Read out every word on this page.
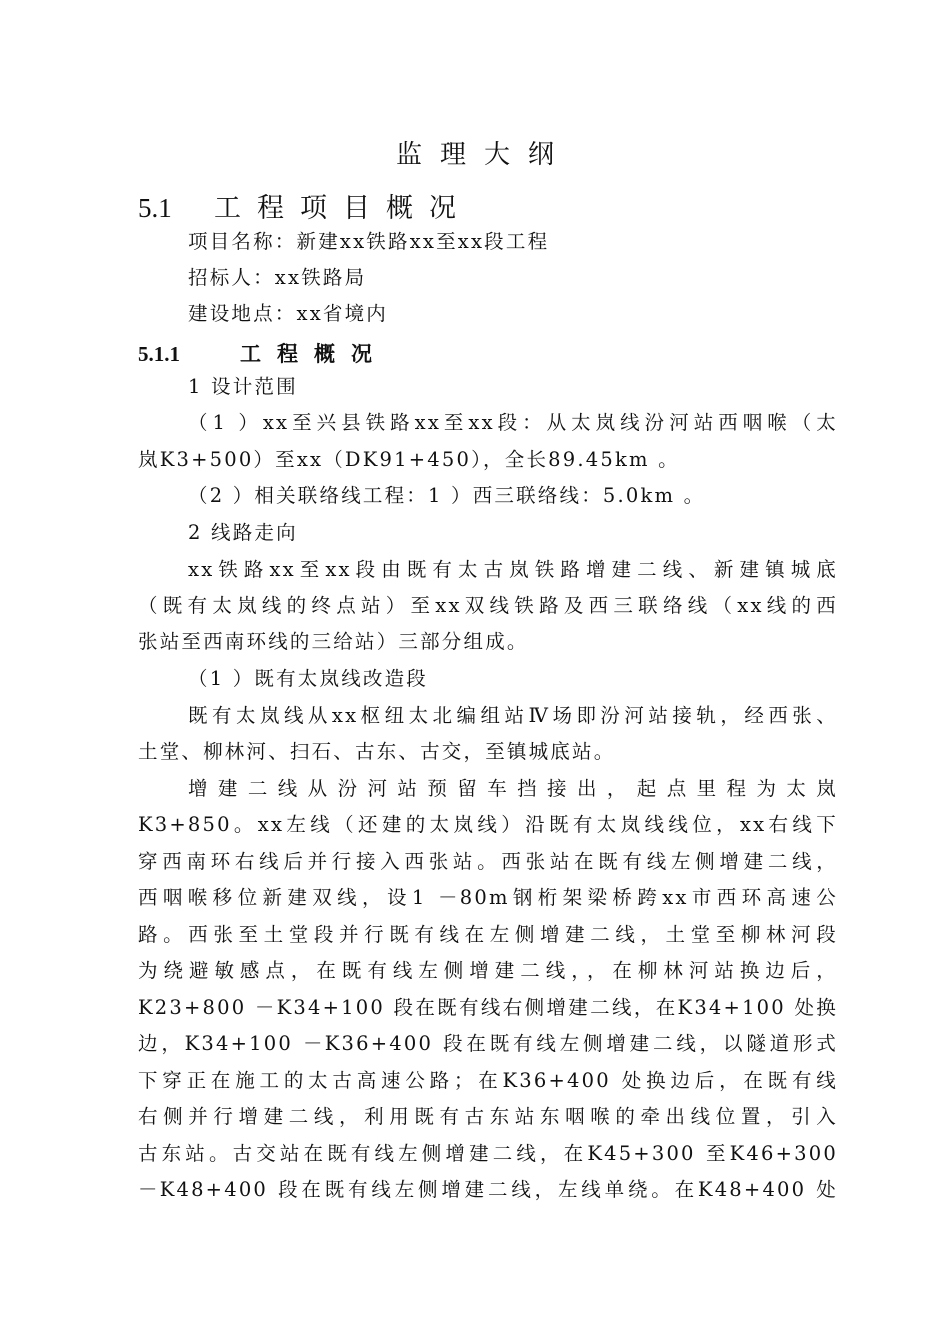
监理大纲
5.1 工程项目概况
项目名称：新建xx铁路xx至xx段工程
招标人：xx铁路局
建设地点：xx省境内
5.1.1	工程概况
1 设计范围
（1 ）xx至兴县铁路xx至xx段：从太岚线汾河站西咽喉（太
岚K3+500）至xx（DK91+450），全长89.45km 。
（2 ）相关联络线工程：1 ）西三联络线：5.0km 。
2 线路走向
xx铁路xx至xx段由既有太古岚铁路增建二线、新建镇城底
（既有太岚线的终点站）至xx双线铁路及西三联络线（xx线的西
张站至西南环线的三给站）三部分组成。
（1 ）既有太岚线改造段
既有太岚线从xx枢纽太北编组站Ⅳ场即汾河站接轨，经西张、
土堂、柳林河、扫石、古东、古交，至镇城底站。
增建二线从汾河站预留车挡接出，起点里程为太岚
K3+850。xx左线（还建的太岚线）沿既有太岚线线位，xx右线下
穿西南环右线后并行接入西张站。西张站在既有线左侧增建二线，
西咽喉移位新建双线，设1 －80m钢桁架梁桥跨xx市西环高速公
路。西张至土堂段并行既有线在左侧增建二线，土堂至柳林河段
为绕避敏感点，在既有线左侧增建二线，，在柳林河站换边后，
K23+800 －K34+100 段在既有线右侧增建二线，在K34+100 处换
边，K34+100 －K36+400 段在既有线左侧增建二线，以隧道形式
下穿正在施工的太古高速公路；在K36+400 处换边后，在既有线
右侧并行增建二线，利用既有古东站东咽喉的牵出线位置，引入
古东站。古交站在既有线左侧增建二线，在K45+300 至K46+300
－K48+400 段在既有线左侧增建二线，左线单绕。在K48+400 处
